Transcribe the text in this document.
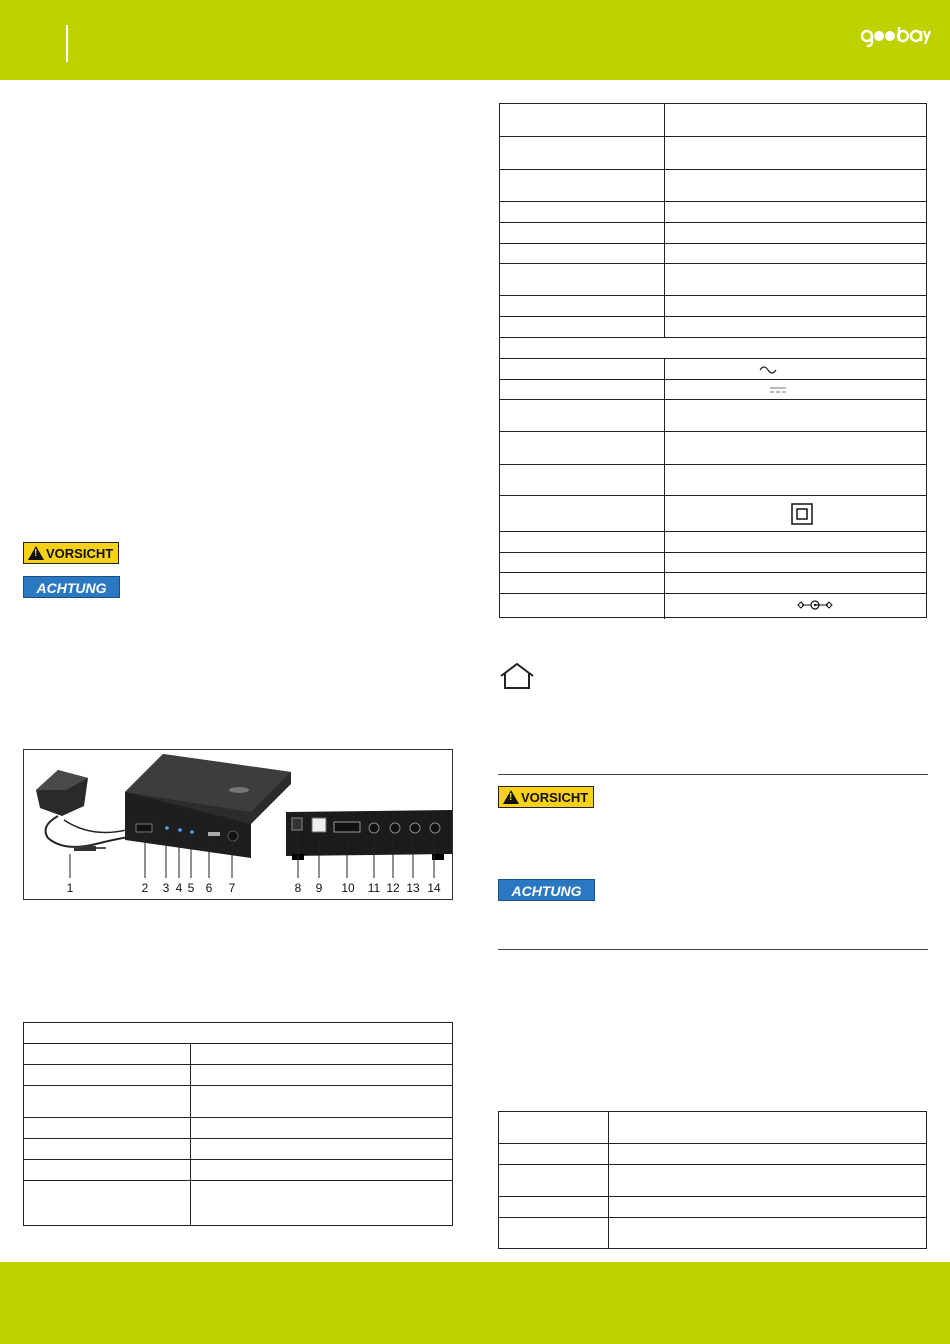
!
VORSICHT
ACHTUNG
1	2 3 4 5 6 7	8 9 10 11 12 13 14
!
VORSICHT
ACHTUNG
